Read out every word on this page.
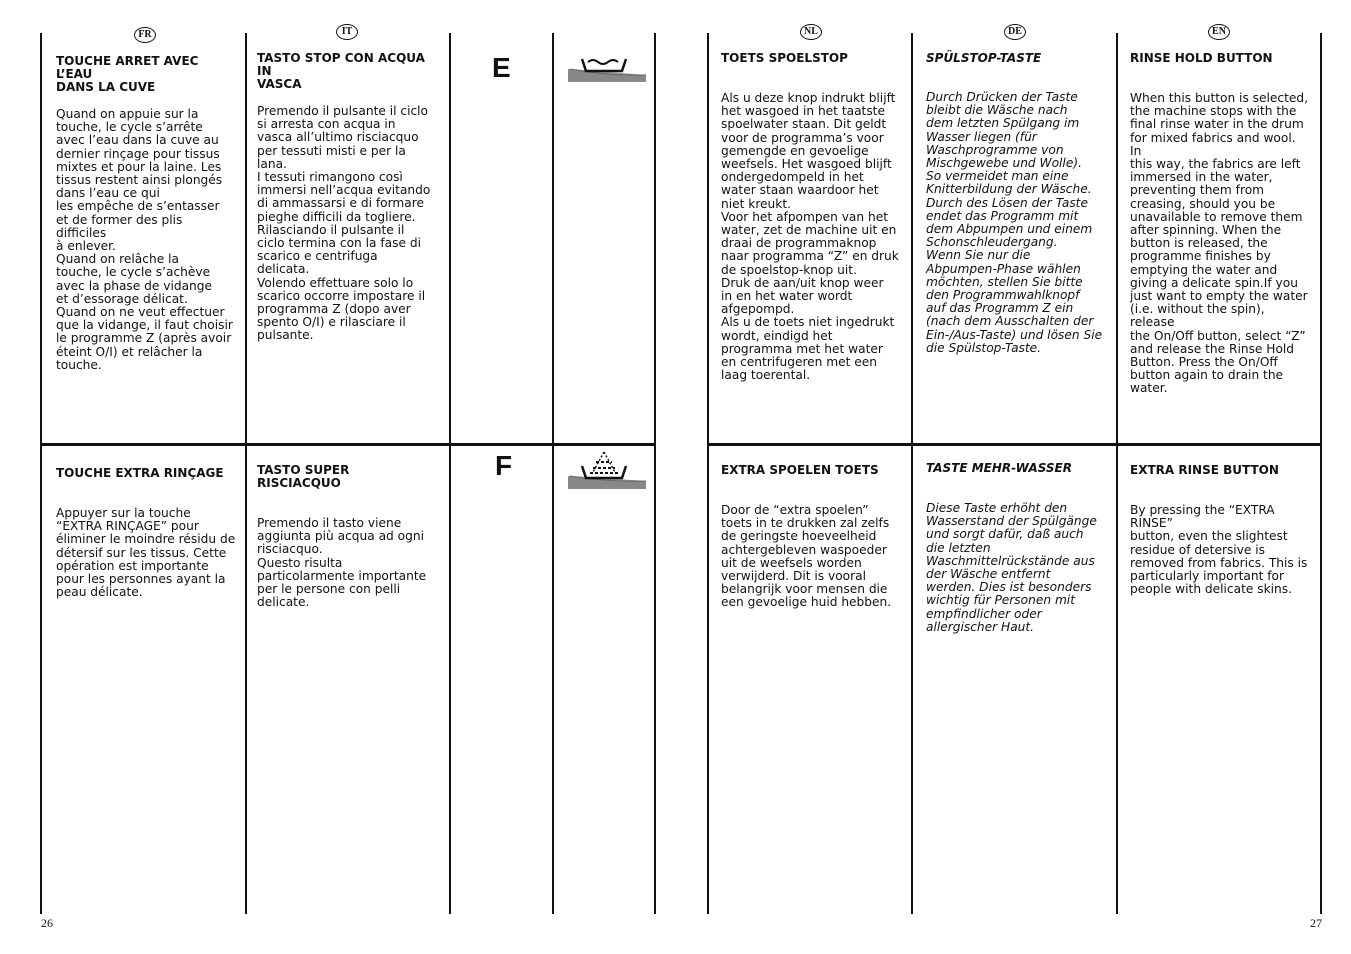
FR	IT	NL	DE	EN
E

TOUCHE ARRET AVEC L’EAU
DANS LA CUVE

Quand on appuie sur la
touche, le cycle s’arrête
avec l’eau dans la cuve au
dernier rinçage pour tissus
mixtes et pour la laine. Les
tissus restent ainsi plongés
dans l’eau ce qui
les empêche de s’entasser
et de former des plis difficiles
à enlever.
Quand on relâche la
touche, le cycle s’achève
avec la phase de vidange
et d’essorage délicat.
Quand on ne veut effectuer
que la vidange, il faut choisir
le programme Z (après avoir
éteint O/I) et relâcher la
touche.

TASTO STOP CON ACQUA IN
VASCA

Premendo il pulsante il ciclo
si arresta con acqua in
vasca all’ultimo risciacquo
per tessuti misti e per la lana.
I tessuti rimangono così
immersi nell’acqua evitando
di ammassarsi e di formare
pieghe difficili da togliere.
Rilasciando il pulsante il
ciclo termina con la fase di
scarico e centrifuga
delicata.
Volendo effettuare solo lo
scarico occorre impostare il
programma Z (dopo aver
spento O/I) e rilasciare il
pulsante.

TOETS SPOELSTOP

Als u deze knop indrukt blijft
het wasgoed in het taatste
spoelwater staan. Dit geldt
voor de programma’s voor
gemengde en gevoelige
weefsels. Het wasgoed blijft
ondergedompeld in het
water staan waardoor het
niet kreukt.
Voor het afpompen van het
water, zet de machine uit en
draai de programmaknop
naar programma “Z” en druk
de spoelstop-knop uit.
Druk de aan/uit knop weer
in en het water wordt
afgepompd.
Als u de toets niet ingedrukt
wordt, eindigd het
programma met het water
en centrifugeren met een
laag toerental.

SPÜLSTOP-TASTE

Durch Drücken der Taste
bleibt die Wäsche nach
dem letzten Spülgang im
Wasser liegen (für
Waschprogramme von
Mischgewebe und Wolle).
So vermeidet man eine
Knitterbildung der Wäsche.
Durch des Lösen der Taste
endet das Programm mit
dem Abpumpen und einem
Schonschleudergang.
Wenn Sie nur die
Abpumpen-Phase wählen
möchten, stellen Sie bitte
den Programmwahlknopf
auf das Programm Z ein
(nach dem Ausschalten der
Ein-/Aus-Taste) und lösen Sie
die Spülstop-Taste.

RINSE HOLD BUTTON

When this button is selected,
the machine stops with the
final rinse water in the drum
for mixed fabrics and wool. In
this way, the fabrics are left
immersed in the water,
preventing them from
creasing, should you be
unavailable to remove them
after spinning. When the
button is released, the
programme finishes by
emptying the water and
giving a delicate spin.If you
just want to empty the water
(i.e. without the spin), release
the On/Off button, select “Z”
and release the Rinse Hold
Button. Press the On/Off
button again to drain the
water.

F

TOUCHE EXTRA RINÇAGE

Appuyer sur la touche
“EXTRA RINÇAGE” pour
éliminer le moindre résidu de
détersif sur les tissus. Cette
opération est importante
pour les personnes ayant la
peau délicate.

TASTO SUPER RISCIACQUO

Premendo il tasto viene
aggiunta più acqua ad ogni
risciacquo.
Questo risulta
particolarmente importante
per le persone con pelli
delicate.

EXTRA SPOELEN TOETS

Door de “extra spoelen”
toets in te drukken zal zelfs
de geringste hoeveelheid
achtergebleven waspoeder
uit de weefsels worden
verwijderd. Dit is vooral
belangrijk voor mensen die
een gevoelige huid hebben.

TASTE MEHR-WASSER

Diese Taste erhöht den
Wasserstand der Spülgänge
und sorgt dafür, daß auch
die letzten
Waschmittelrückstände aus
der Wäsche entfernt
werden. Dies ist besonders
wichtig für Personen mit
empfindlicher oder
allergischer Haut.

EXTRA RINSE BUTTON

By pressing the “EXTRA RINSE”
button, even the slightest
residue of detersive is
removed from fabrics. This is
particularly important for
people with delicate skins.

26	27
